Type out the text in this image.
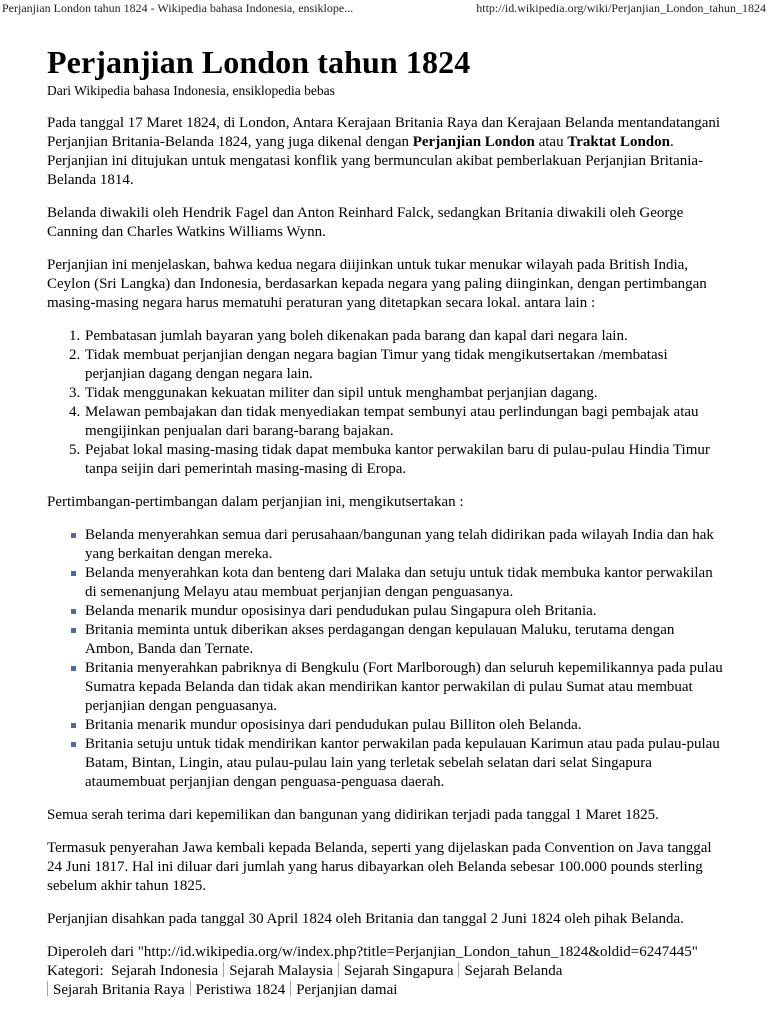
Perjanjian London tahun 1824 - Wikipedia bahasa Indonesia, ensiklope...	http://id.wikipedia.org/wiki/Perjanjian_London_tahun_1824
Perjanjian London tahun 1824
Dari Wikipedia bahasa Indonesia, ensiklopedia bebas

Pada tanggal 17 Maret 1824, di London, Antara Kerajaan Britania Raya dan Kerajaan Belanda mentandatangani Perjanjian Britania-Belanda 1824, yang juga dikenal dengan Perjanjian London atau Traktat London. Perjanjian ini ditujukan untuk mengatasi konflik yang bermunculan akibat pemberlakuan Perjanjian Britania-Belanda 1814.

Belanda diwakili oleh Hendrik Fagel dan Anton Reinhard Falck, sedangkan Britania diwakili oleh George Canning dan Charles Watkins Williams Wynn.

Perjanjian ini menjelaskan, bahwa kedua negara diijinkan untuk tukar menukar wilayah pada British India, Ceylon (Sri Langka) dan Indonesia, berdasarkan kepada negara yang paling diinginkan, dengan pertimbangan masing-masing negara harus mematuhi peraturan yang ditetapkan secara lokal. antara lain :

1. Pembatasan jumlah bayaran yang boleh dikenakan pada barang dan kapal dari negara lain.
2. Tidak membuat perjanjian dengan negara bagian Timur yang tidak mengikutsertakan /membatasi perjanjian dagang dengan negara lain.
3. Tidak menggunakan kekuatan militer dan sipil untuk menghambat perjanjian dagang.
4. Melawan pembajakan dan tidak menyediakan tempat sembunyi atau perlindungan bagi pembajak atau mengijinkan penjualan dari barang-barang bajakan.
5. Pejabat lokal masing-masing tidak dapat membuka kantor perwakilan baru di pulau-pulau Hindia Timur tanpa seijin dari pemerintah masing-masing di Eropa.

Pertimbangan-pertimbangan dalam perjanjian ini, mengikutsertakan :

Belanda menyerahkan semua dari perusahaan/bangunan yang telah didirikan pada wilayah India dan hak yang berkaitan dengan mereka.
Belanda menyerahkan kota dan benteng dari Malaka dan setuju untuk tidak membuka kantor perwakilan di semenanjung Melayu atau membuat perjanjian dengan penguasanya.
Belanda menarik mundur oposisinya dari pendudukan pulau Singapura oleh Britania.
Britania meminta untuk diberikan akses perdagangan dengan kepulauan Maluku, terutama dengan Ambon, Banda dan Ternate.
Britania menyerahkan pabriknya di Bengkulu (Fort Marlborough) dan seluruh kepemilikannya pada pulau Sumatra kepada Belanda dan tidak akan mendirikan kantor perwakilan di pulau Sumat atau membuat perjanjian dengan penguasanya.
Britania menarik mundur oposisinya dari pendudukan pulau Billiton oleh Belanda.
Britania setuju untuk tidak mendirikan kantor perwakilan pada kepulauan Karimun atau pada pulau-pulau Batam, Bintan, Lingin, atau pulau-pulau lain yang terletak sebelah selatan dari selat Singapura ataumembuat perjanjian dengan penguasa-penguasa daerah.

Semua serah terima dari kepemilikan dan bangunan yang didirikan terjadi pada tanggal 1 Maret 1825.

Termasuk penyerahan Jawa kembali kepada Belanda, seperti yang dijelaskan pada Convention on Java tanggal 24 Juni 1817. Hal ini diluar dari jumlah yang harus dibayarkan oleh Belanda sebesar 100.000 pounds sterling sebelum akhir tahun 1825.

Perjanjian disahkan pada tanggal 30 April 1824 oleh Britania dan tanggal 2 Juni 1824 oleh pihak Belanda.

Diperoleh dari "http://id.wikipedia.org/w/index.php?title=Perjanjian_London_tahun_1824&oldid=6247445"
Kategori: Sejarah Indonesia Sejarah Malaysia Sejarah Singapura Sejarah Belanda
Sejarah Britania Raya Peristiwa 1824 Perjanjian damai
